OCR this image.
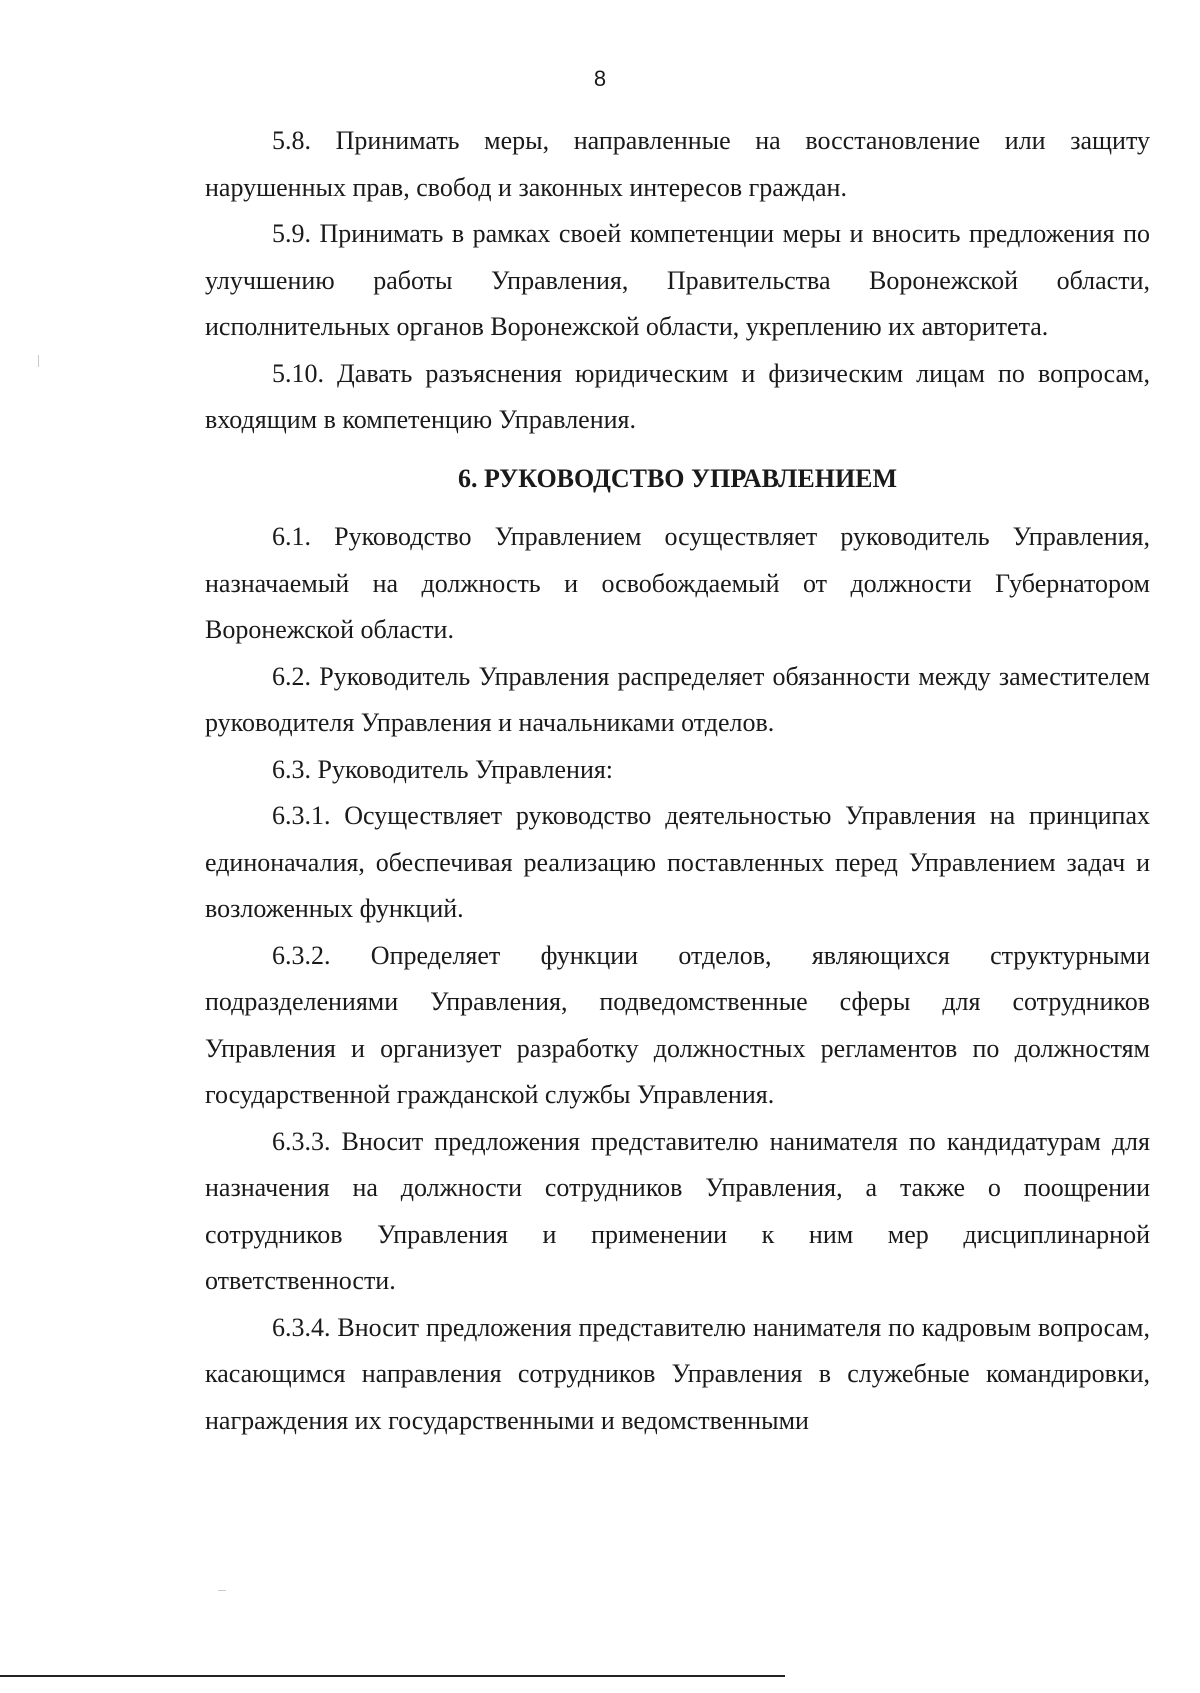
8

5.8. Принимать меры, направленные на восстановление или защиту нарушенных прав, свобод и законных интересов граждан.

5.9. Принимать в рамках своей компетенции меры и вносить предложения по улучшению работы Управления, Правительства Воронежской области, исполнительных органов Воронежской области, укреплению их авторитета.

5.10. Давать разъяснения юридическим и физическим лицам по вопросам, входящим в компетенцию Управления.

6. РУКОВОДСТВО УПРАВЛЕНИЕМ

6.1. Руководство Управлением осуществляет руководитель Управления, назначаемый на должность и освобождаемый от должности Губернатором Воронежской области.

6.2. Руководитель Управления распределяет обязанности между заместителем руководителя Управления и начальниками отделов.

6.3. Руководитель Управления:

6.3.1. Осуществляет руководство деятельностью Управления на принципах единоначалия, обеспечивая реализацию поставленных перед Управлением задач и возложенных функций.

6.3.2. Определяет функции отделов, являющихся структурными подразделениями Управления, подведомственные сферы для сотрудников Управления и организует разработку должностных регламентов по должностям государственной гражданской службы Управления.

6.3.3. Вносит предложения представителю нанимателя по кандидатурам для назначения на должности сотрудников Управления, а также о поощрении сотрудников Управления и применении к ним мер дисциплинарной ответственности.

6.3.4. Вносит предложения представителю нанимателя по кадровым вопросам, касающимся направления сотрудников Управления в служебные командировки, награждения их государственными и ведомственными
